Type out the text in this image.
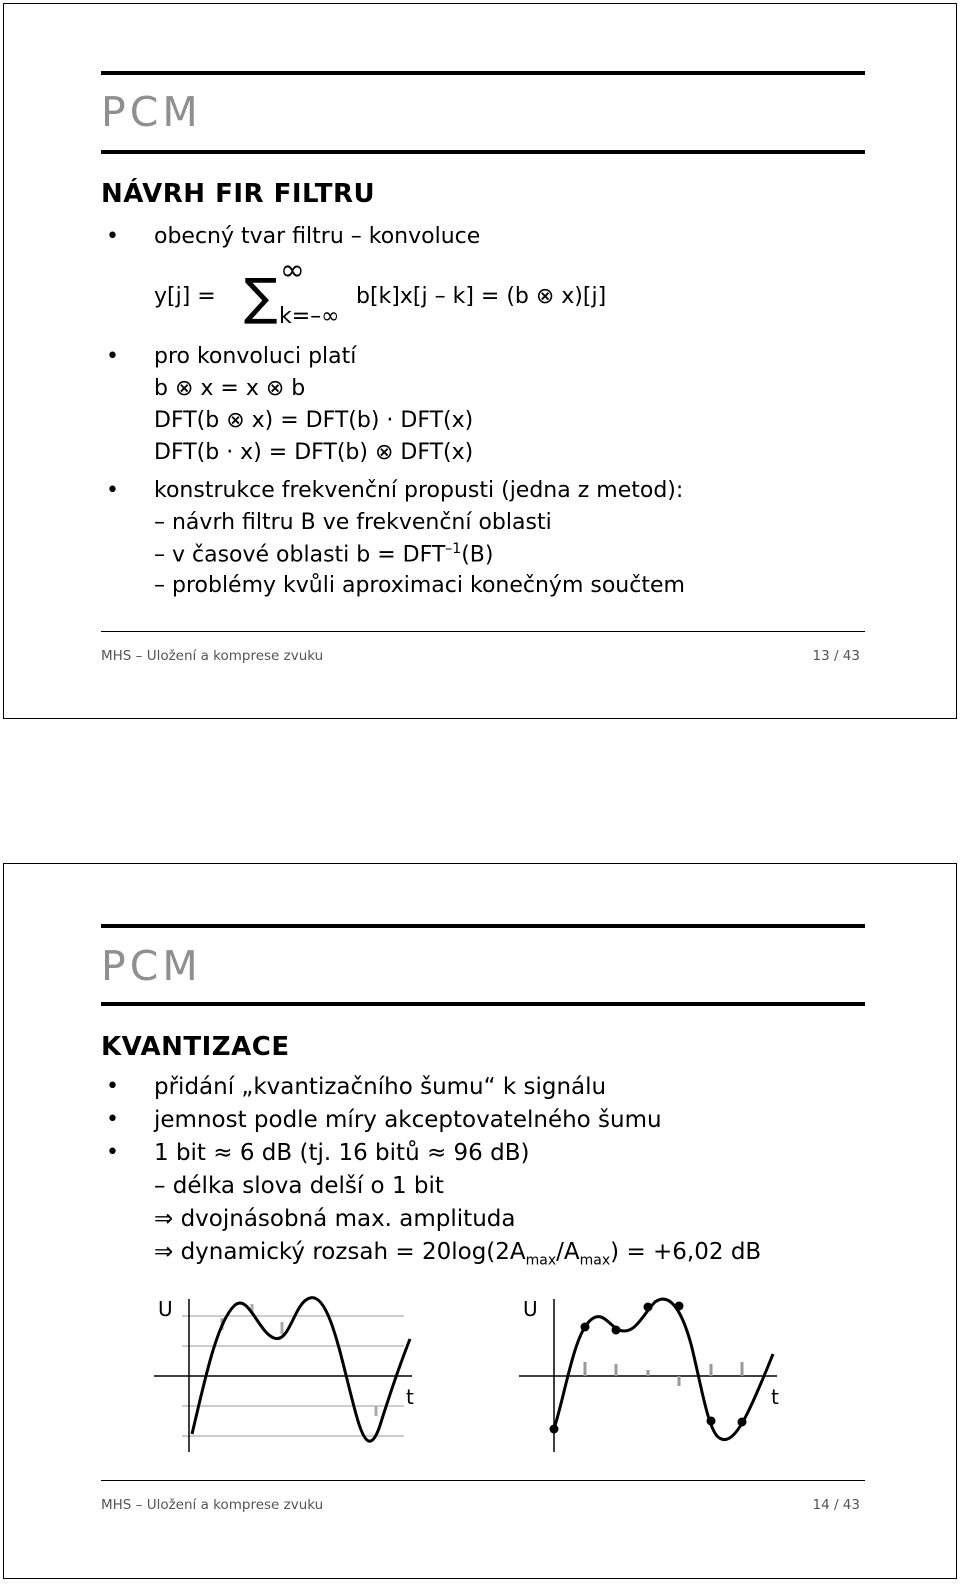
PCM
NÁVRH FIR FILTRU
• obecný tvar filtru – konvoluce
y[j] = ∑ ∞
k=–∞
b[k]x[j – k] = (b ⊗ x)[j]
• pro konvoluci platí
b ⊗ x = x ⊗ b
DFT(b ⊗ x) = DFT(b) · DFT(x)
DFT(b · x) = DFT(b) ⊗ DFT(x)
• konstrukce frekvenční propusti (jedna z metod):
– návrh filtru B ve frekvenční oblasti
– v časové oblasti $b = DFT^{-1}(B)$
– problémy kvůli aproximaci konečným součtem
MHS – Uložení a komprese zvuku	13 / 43
PCM
KVANTIZACE
• přidání „kvantizačního šumu“ k signálu
• jemnost podle míry akceptovatelného šumu
• 1 bit ≈ 6 dB (tj. 16 bitů ≈ 96 dB)
– délka slova delší o 1 bit
⇒ dvojnásobná max. amplituda
⇒ dynamický rozsah = $20\log(2A_{max}/A_{max}) = +6,02$ dB
U
t
U
t
MHS – Uložení a komprese zvuku	14 / 43
